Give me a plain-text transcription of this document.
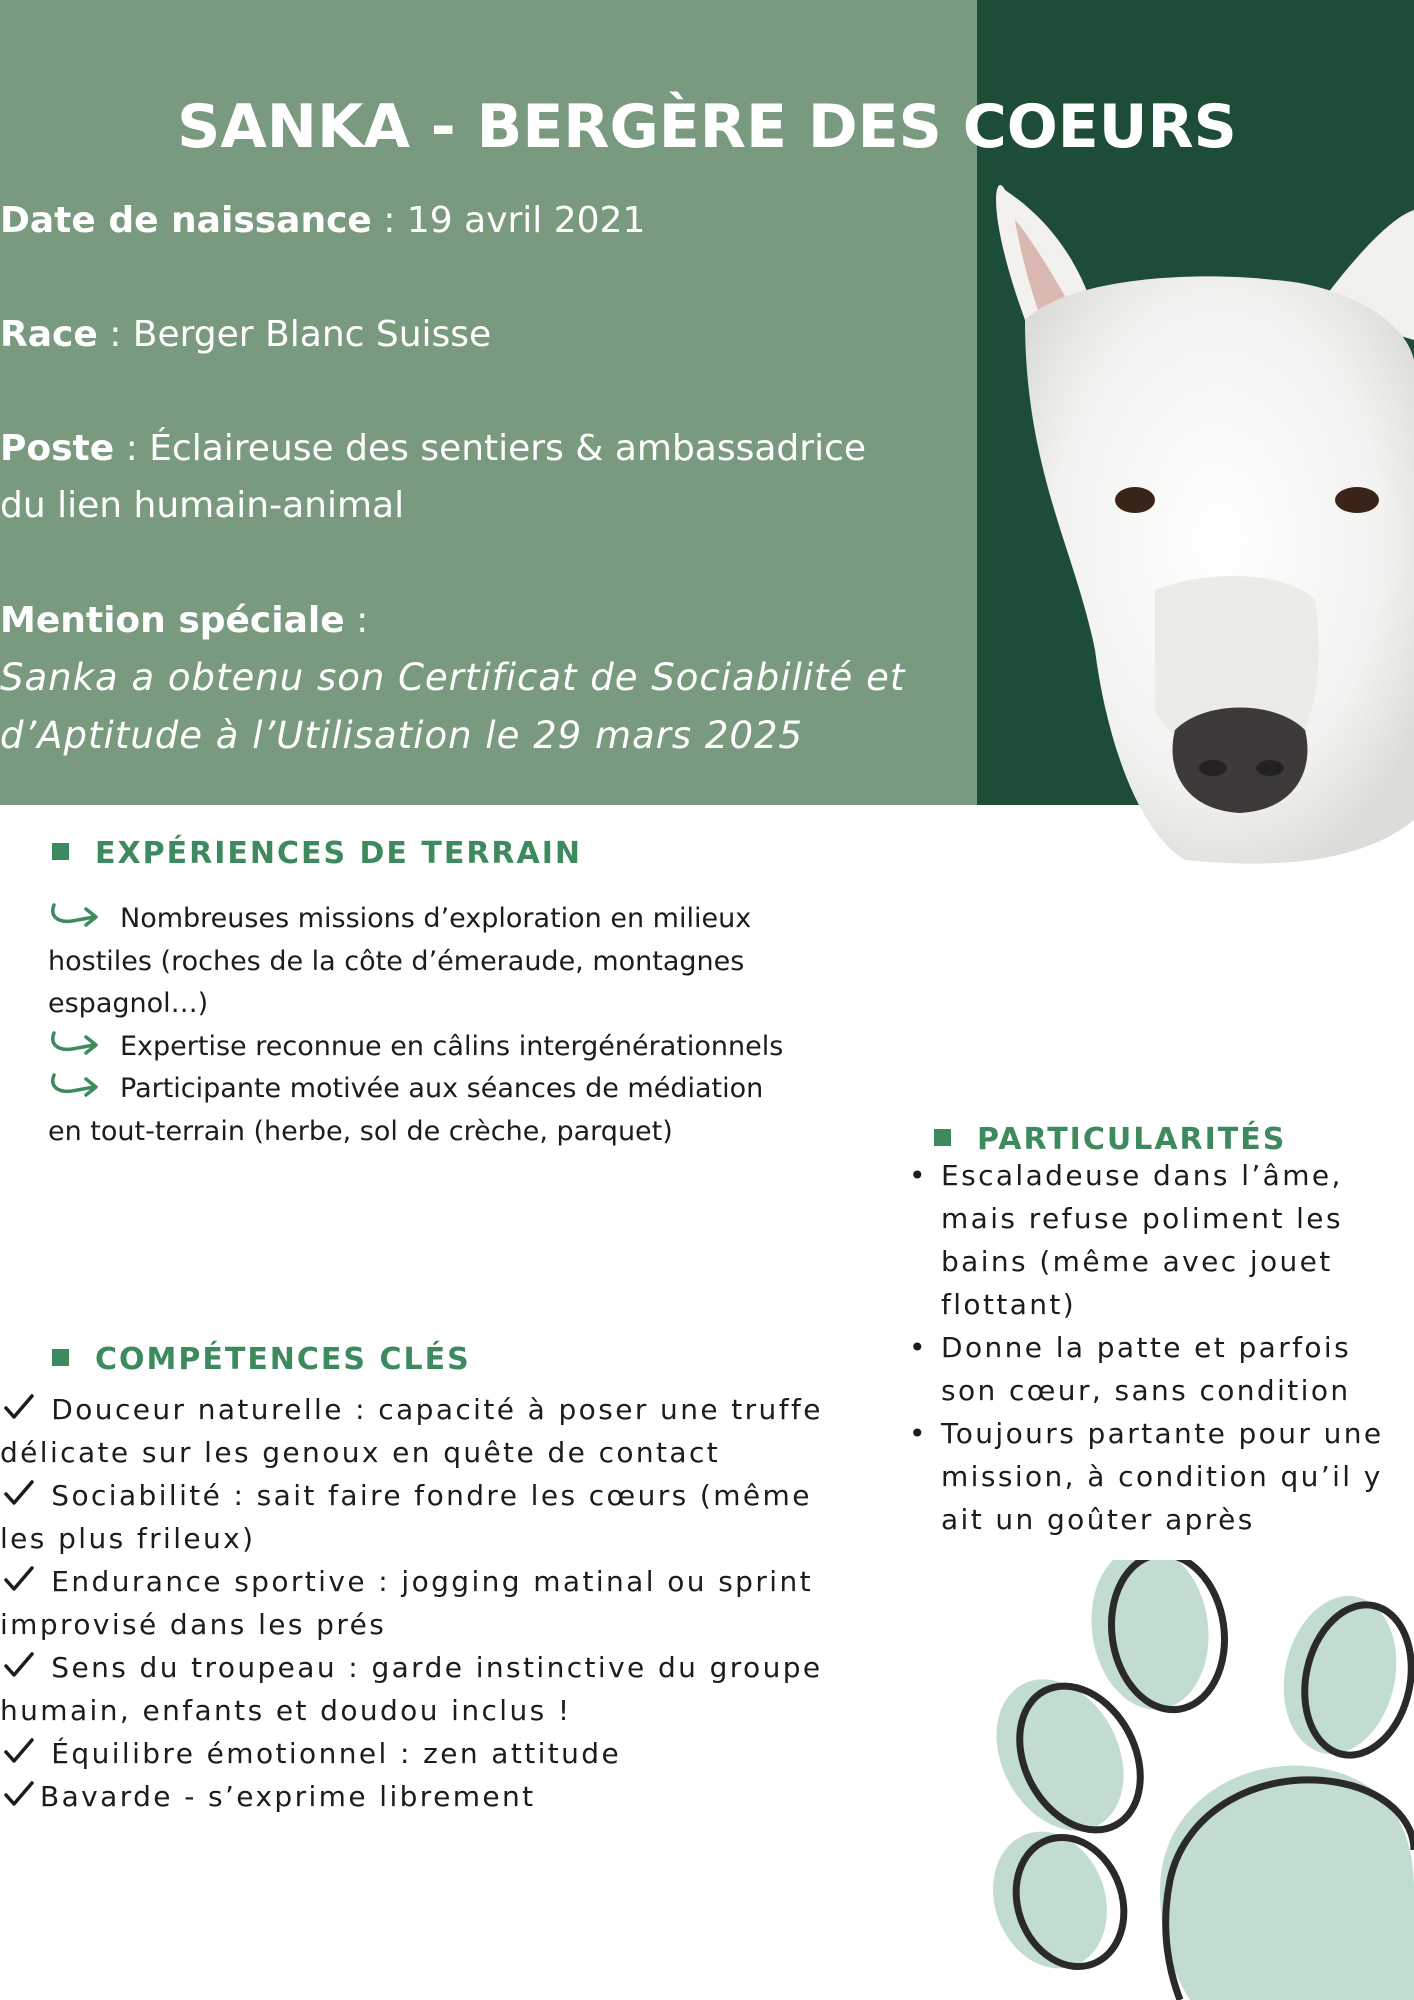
SANKA - BERGÈRE DES COEURS
Date de naissance : 19 avril 2021
Race : Berger Blanc Suisse
Poste : Éclaireuse des sentiers & ambassadrice du lien humain-animal
Mention spéciale :
Sanka a obtenu son Certificat de Sociabilité et d’Aptitude à l’Utilisation le 29 mars 2025
EXPÉRIENCES DE TERRAIN

Nombreuses missions d’exploration en milieux hostiles (roches de la côte d’émeraude, montagnes espagnol…)

Expertise reconnue en câlins intergénérationnels

Participante motivée aux séances de médiation en tout-terrain (herbe, sol de crèche, parquet)

COMPÉTENCES CLÉS

Douceur naturelle : capacité à poser une truffe délicate sur les genoux en quête de contact

Sociabilité : sait faire fondre les cœurs (même les plus frileux)

Endurance sportive : jogging matinal ou sprint improvisé dans les prés

Sens du troupeau : garde instinctive du groupe humain, enfants et doudou inclus !

Équilibre émotionnel : zen attitude

Bavarde - s’exprime librement

PARTICULARITÉS
• Escaladeuse dans l’âme, mais refuse poliment les bains (même avec jouet flottant)
• Donne la patte et parfois son cœur, sans condition
• Toujours partante pour une mission, à condition qu’il y ait un goûter après
